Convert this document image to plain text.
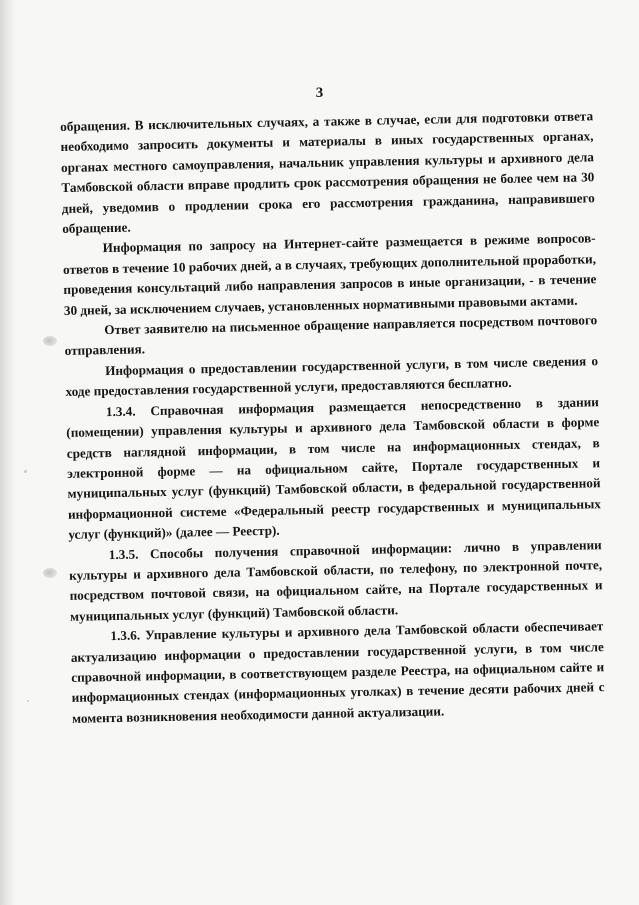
3

обращения. В исключительных случаях, а также в случае, если для подготовки ответа необходимо запросить документы и материалы в иных государственных органах, органах местного самоуправления, начальник управления культуры и архивного дела Тамбовской области вправе продлить срок рассмотрения обращения не более чем на 30 дней, уведомив о продлении срока его рассмотрения гражданина, направившего обращение.

Информация по запросу на Интернет-сайте размещается в режиме вопросов-ответов в течение 10 рабочих дней, а в случаях, требующих дополнительной проработки, проведения консультаций либо направления запросов в иные организации, - в течение 30 дней, за исключением случаев, установленных нормативными правовыми актами.

Ответ заявителю на письменное обращение направляется посредством почтового отправления.

Информация о предоставлении государственной услуги, в том числе сведения о ходе предоставления государственной услуги, предоставляются бесплатно.

1.3.4. Справочная информация размещается непосредственно в здании (помещении) управления культуры и архивного дела Тамбовской области в форме средств наглядной информации, в том числе на информационных стендах, в электронной форме — на официальном сайте, Портале государственных и муниципальных услуг (функций) Тамбовской области, в федеральной государственной информационной системе «Федеральный реестр государственных и муниципальных услуг (функций)» (далее — Реестр).

1.3.5. Способы получения справочной информации: лично в управлении культуры и архивного дела Тамбовской области, по телефону, по электронной почте, посредством почтовой связи, на официальном сайте, на Портале государственных и муниципальных услуг (функций) Тамбовской области.

1.3.6. Управление культуры и архивного дела Тамбовской области обеспечивает актуализацию информации о предоставлении государственной услуги, в том числе справочной информации, в соответствующем разделе Реестра, на официальном сайте и информационных стендах (информационных уголках) в течение десяти рабочих дней с момента возникновения необходимости данной актуализации.
